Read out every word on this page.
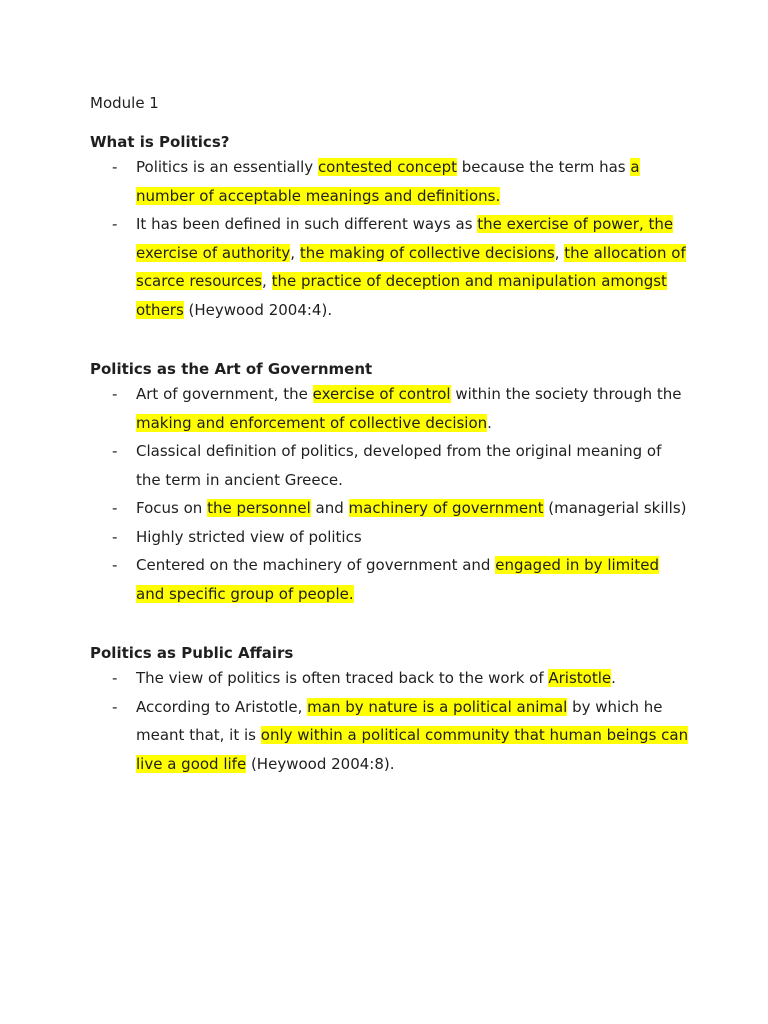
Module 1

What is Politics?
- Politics is an essentially contested concept because the term has a number of acceptable meanings and definitions.
- It has been defined in such different ways as the exercise of power, the exercise of authority, the making of collective decisions, the allocation of scarce resources, the practice of deception and manipulation amongst others (Heywood 2004:4).
Politics as the Art of Government
- Art of government, the exercise of control within the society through the making and enforcement of collective decision.
- Classical definition of politics, developed from the original meaning of the term in ancient Greece.
- Focus on the personnel and machinery of government (managerial skills)
- Highly stricted view of politics
- Centered on the machinery of government and engaged in by limited and specific group of people.
Politics as Public Affairs
- The view of politics is often traced back to the work of Aristotle.
- According to Aristotle, man by nature is a political animal by which he meant that, it is only within a political community that human beings can live a good life (Heywood 2004:8).
